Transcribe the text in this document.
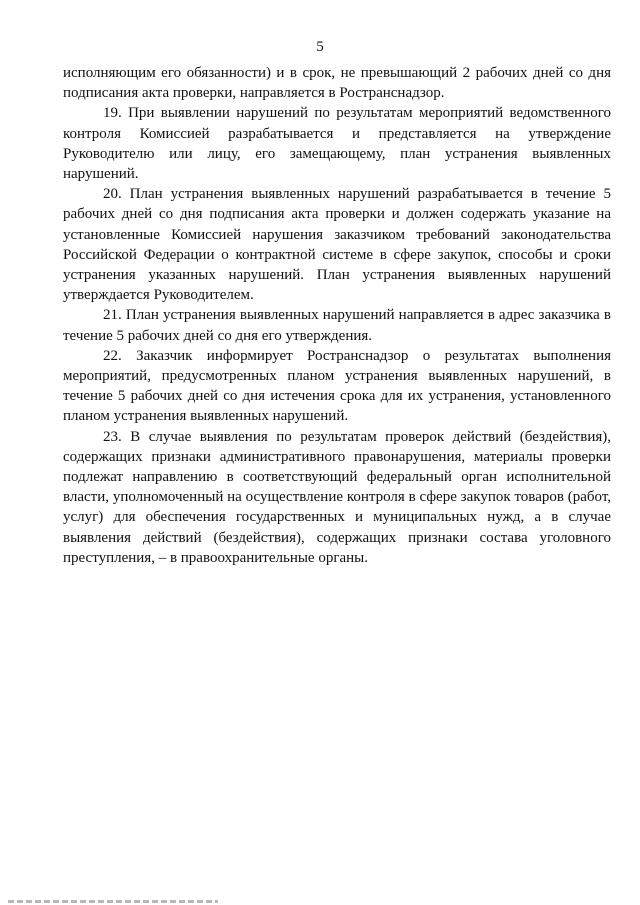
5

исполняющим его обязанности) и в срок, не превышающий 2 рабочих дней со дня подписания акта проверки, направляется в Ространснадзор.

19. При выявлении нарушений по результатам мероприятий ведомственного контроля Комиссией разрабатывается и представляется на утверждение Руководителю или лицу, его замещающему, план устранения выявленных нарушений.

20. План устранения выявленных нарушений разрабатывается в течение 5 рабочих дней со дня подписания акта проверки и должен содержать указание на установленные Комиссией нарушения заказчиком требований законодательства Российской Федерации о контрактной системе в сфере закупок, способы и сроки устранения указанных нарушений. План устранения выявленных нарушений утверждается Руководителем.

21. План устранения выявленных нарушений направляется в адрес заказчика в течение 5 рабочих дней со дня его утверждения.

22. Заказчик информирует Ространснадзор о результатах выполнения мероприятий, предусмотренных планом устранения выявленных нарушений, в течение 5 рабочих дней со дня истечения срока для их устранения, установленного планом устранения выявленных нарушений.

23. В случае выявления по результатам проверок действий (бездействия), содержащих признаки административного правонарушения, материалы проверки подлежат направлению в соответствующий федеральный орган исполнительной власти, уполномоченный на осуществление контроля в сфере закупок товаров (работ, услуг) для обеспечения государственных и муниципальных нужд, а в случае выявления действий (бездействия), содержащих признаки состава уголовного преступления, – в правоохранительные органы.
